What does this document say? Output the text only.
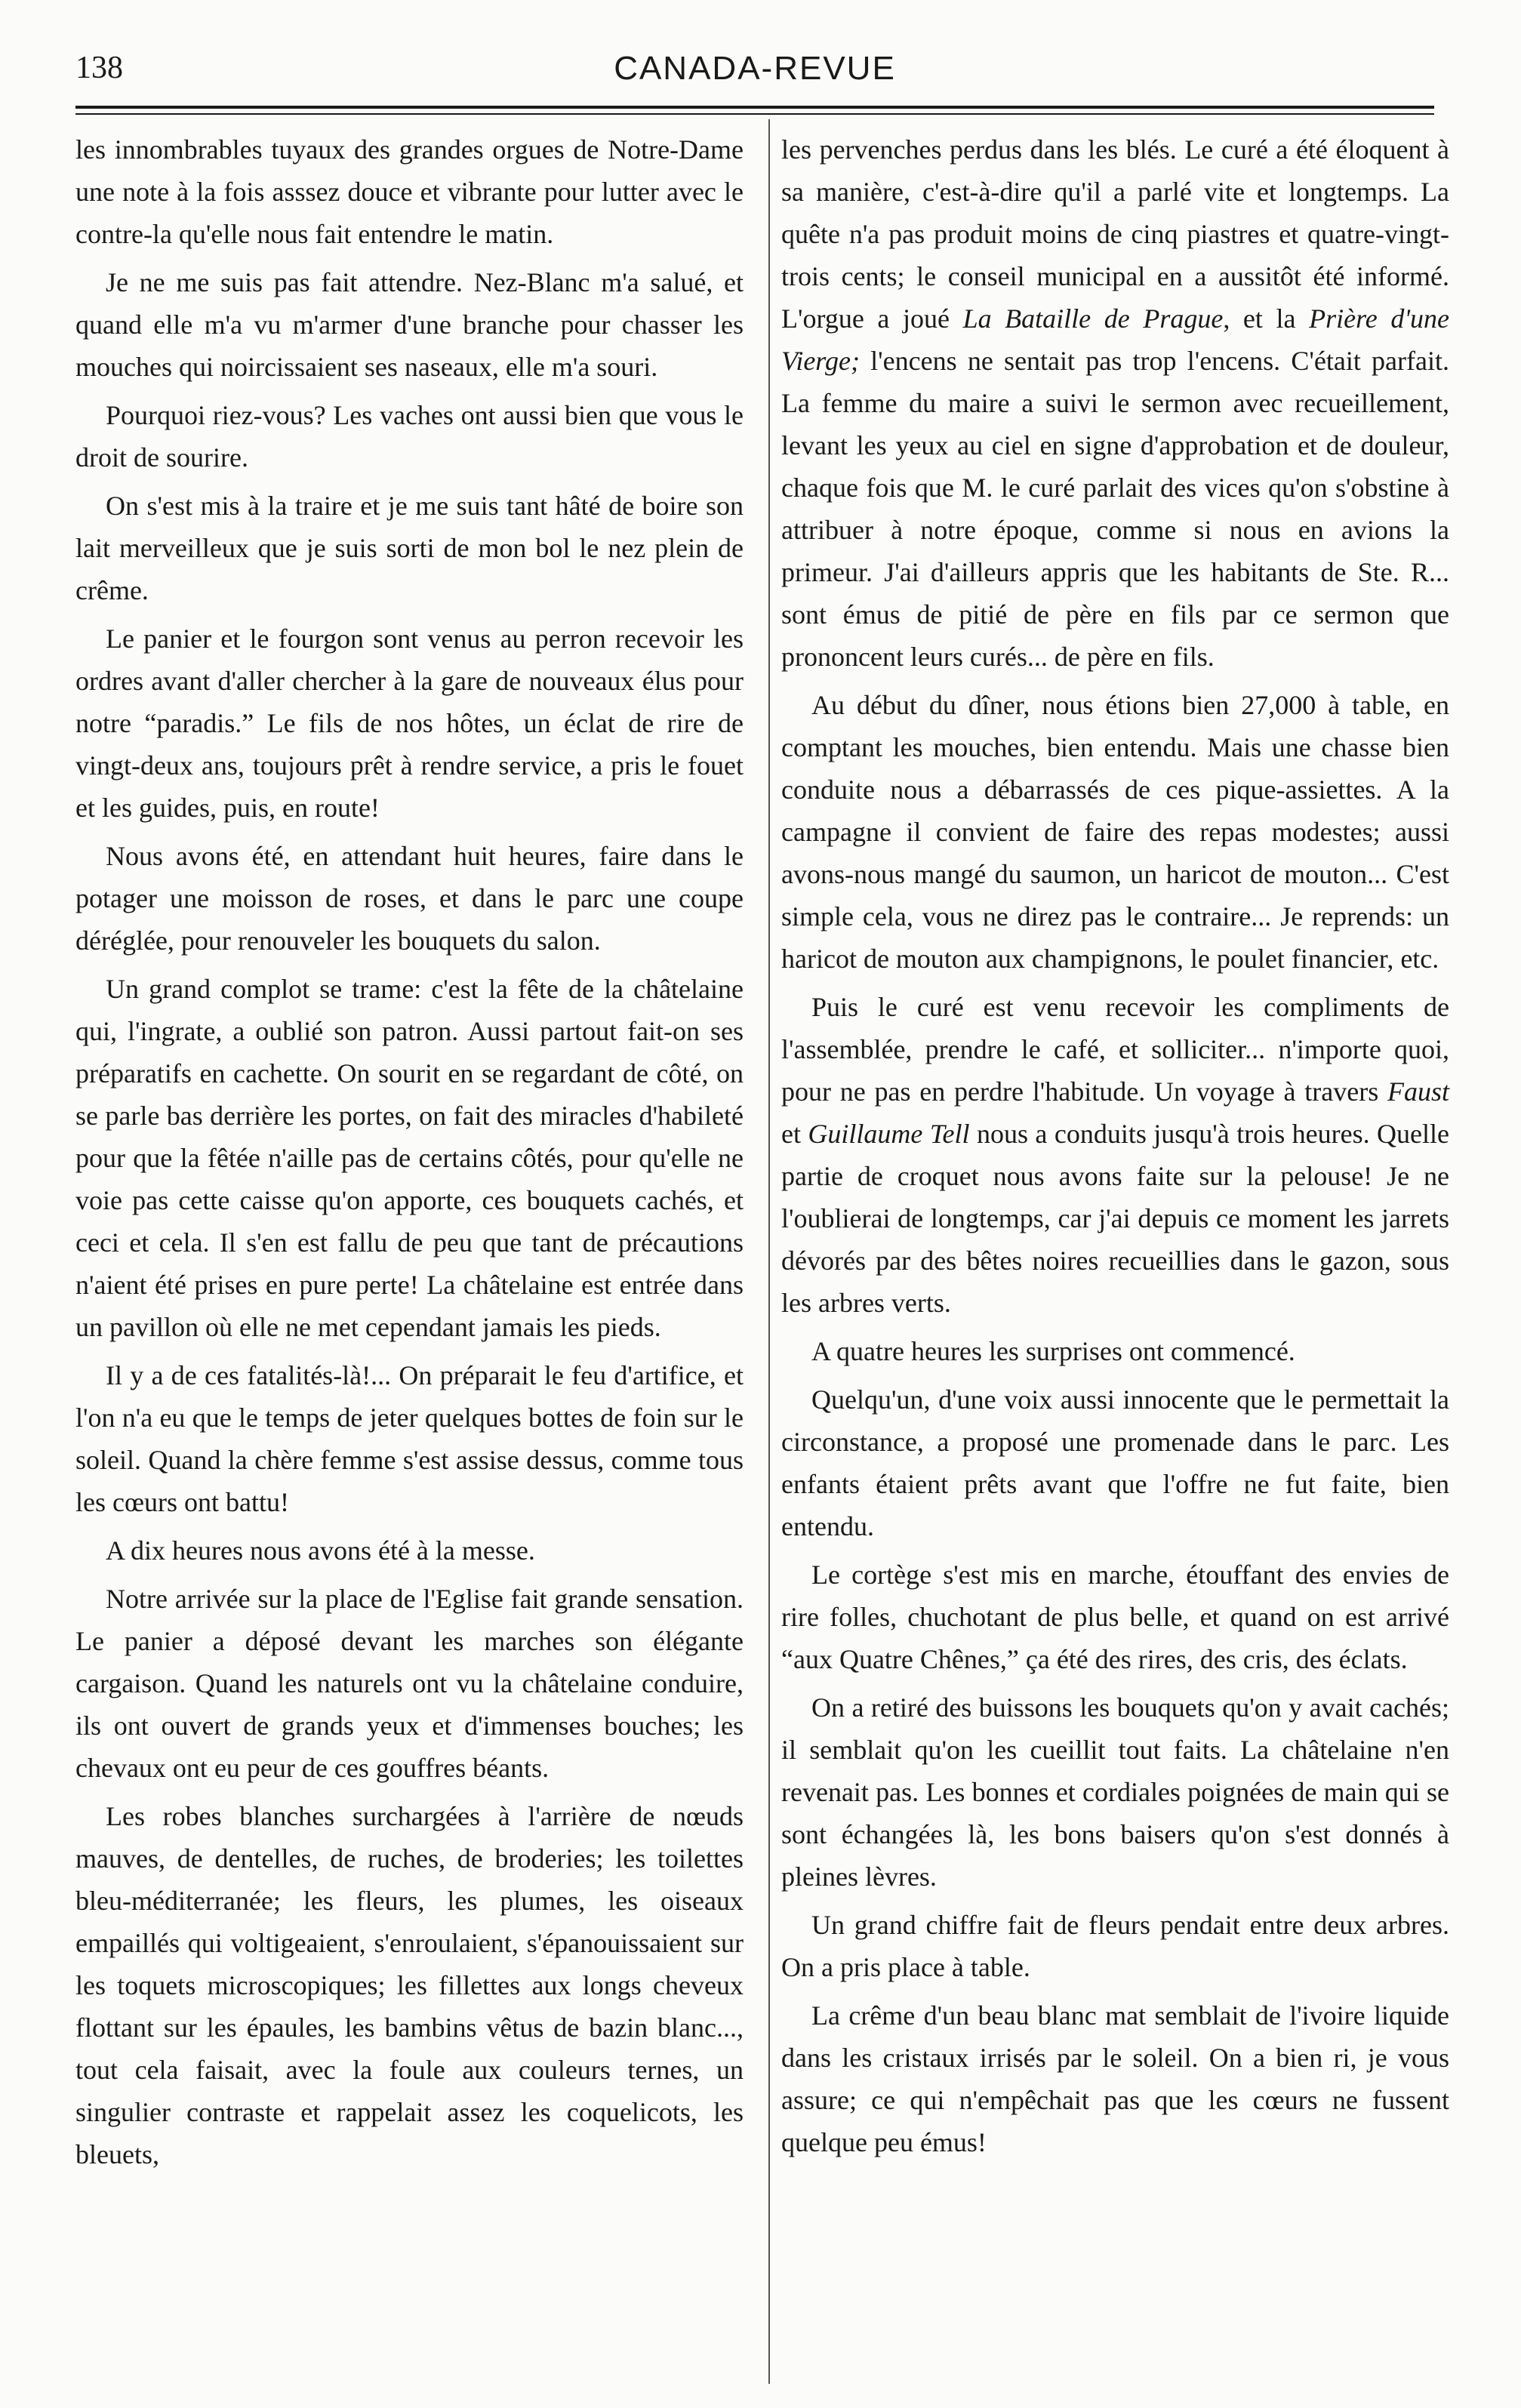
138	CANADA-REVUE

les innombrables tuyaux des grandes orgues de Notre-Dame une note à la fois asssez douce et vibrante pour lutter avec le contre-la qu'elle nous fait entendre le matin.

Je ne me suis pas fait attendre. Nez-Blanc m'a salué, et quand elle m'a vu m'armer d'une branche pour chasser les mouches qui noircissaient ses naseaux, elle m'a souri.

Pourquoi riez-vous? Les vaches ont aussi bien que vous le droit de sourire.

On s'est mis à la traire et je me suis tant hâté de boire son lait merveilleux que je suis sorti de mon bol le nez plein de crême.

Le panier et le fourgon sont venus au perron recevoir les ordres avant d'aller chercher à la gare de nouveaux élus pour notre “paradis.” Le fils de nos hôtes, un éclat de rire de vingt-deux ans, toujours prêt à rendre service, a pris le fouet et les guides, puis, en route!

Nous avons été, en attendant huit heures, faire dans le potager une moisson de roses, et dans le parc une coupe déréglée, pour renouveler les bouquets du salon.

Un grand complot se trame: c'est la fête de la châtelaine qui, l'ingrate, a oublié son patron. Aussi partout fait-on ses préparatifs en cachette. On sourit en se regardant de côté, on se parle bas derrière les portes, on fait des miracles d'habileté pour que la fêtée n'aille pas de certains côtés, pour qu'elle ne voie pas cette caisse qu'on apporte, ces bouquets cachés, et ceci et cela. Il s'en est fallu de peu que tant de précautions n'aient été prises en pure perte! La châtelaine est entrée dans un pavillon où elle ne met cependant jamais les pieds.

Il y a de ces fatalités-là!... On préparait le feu d'artifice, et l'on n'a eu que le temps de jeter quelques bottes de foin sur le soleil. Quand la chère femme s'est assise dessus, comme tous les cœurs ont battu!

A dix heures nous avons été à la messe.

Notre arrivée sur la place de l'Eglise fait grande sensation. Le panier a déposé devant les marches son élégante cargaison. Quand les naturels ont vu la châtelaine conduire, ils ont ouvert de grands yeux et d'immenses bouches; les chevaux ont eu peur de ces gouffres béants.

Les robes blanches surchargées à l'arrière de nœuds mauves, de dentelles, de ruches, de broderies; les toilettes bleu-méditerranée; les fleurs, les plumes, les oiseaux empaillés qui voltigeaient, s'enroulaient, s'épanouissaient sur les toquets microscopiques; les fillettes aux longs cheveux flottant sur les épaules, les bambins vêtus de bazin blanc..., tout cela faisait, avec la foule aux couleurs ternes, un singulier contraste et rappelait assez les coquelicots, les bleuets,

les pervenches perdus dans les blés. Le curé a été éloquent à sa manière, c'est-à-dire qu'il a parlé vite et longtemps. La quête n'a pas produit moins de cinq piastres et quatre-vingt-trois cents; le conseil municipal en a aussitôt été informé. L'orgue a joué La Bataille de Prague, et la Prière d'une Vierge; l'encens ne sentait pas trop l'encens. C'était parfait. La femme du maire a suivi le sermon avec recueillement, levant les yeux au ciel en signe d'approbation et de douleur, chaque fois que M. le curé parlait des vices qu'on s'obstine à attribuer à notre époque, comme si nous en avions la primeur. J'ai d'ailleurs appris que les habitants de Ste. R... sont émus de pitié de père en fils par ce sermon que prononcent leurs curés... de père en fils.

Au début du dîner, nous étions bien 27,000 à table, en comptant les mouches, bien entendu. Mais une chasse bien conduite nous a débarrassés de ces pique-assiettes. A la campagne il convient de faire des repas modestes; aussi avons-nous mangé du saumon, un haricot de mouton... C'est simple cela, vous ne direz pas le contraire... Je reprends: un haricot de mouton aux champignons, le poulet financier, etc.

Puis le curé est venu recevoir les compliments de l'assemblée, prendre le café, et solliciter... n'importe quoi, pour ne pas en perdre l'habitude. Un voyage à travers Faust et Guillaume Tell nous a conduits jusqu'à trois heures. Quelle partie de croquet nous avons faite sur la pelouse! Je ne l'oublierai de longtemps, car j'ai depuis ce moment les jarrets dévorés par des bêtes noires recueillies dans le gazon, sous les arbres verts.

A quatre heures les surprises ont commencé.

Quelqu'un, d'une voix aussi innocente que le permettait la circonstance, a proposé une promenade dans le parc. Les enfants étaient prêts avant que l'offre ne fut faite, bien entendu.

Le cortège s'est mis en marche, étouffant des envies de rire folles, chuchotant de plus belle, et quand on est arrivé “aux Quatre Chênes,” ça été des rires, des cris, des éclats.

On a retiré des buissons les bouquets qu'on y avait cachés; il semblait qu'on les cueillit tout faits. La châtelaine n'en revenait pas. Les bonnes et cordiales poignées de main qui se sont échangées là, les bons baisers qu'on s'est donnés à pleines lèvres.

Un grand chiffre fait de fleurs pendait entre deux arbres. On a pris place à table.

La crême d'un beau blanc mat semblait de l'ivoire liquide dans les cristaux irrisés par le soleil. On a bien ri, je vous assure; ce qui n'empêchait pas que les cœurs ne fussent quelque peu émus!
